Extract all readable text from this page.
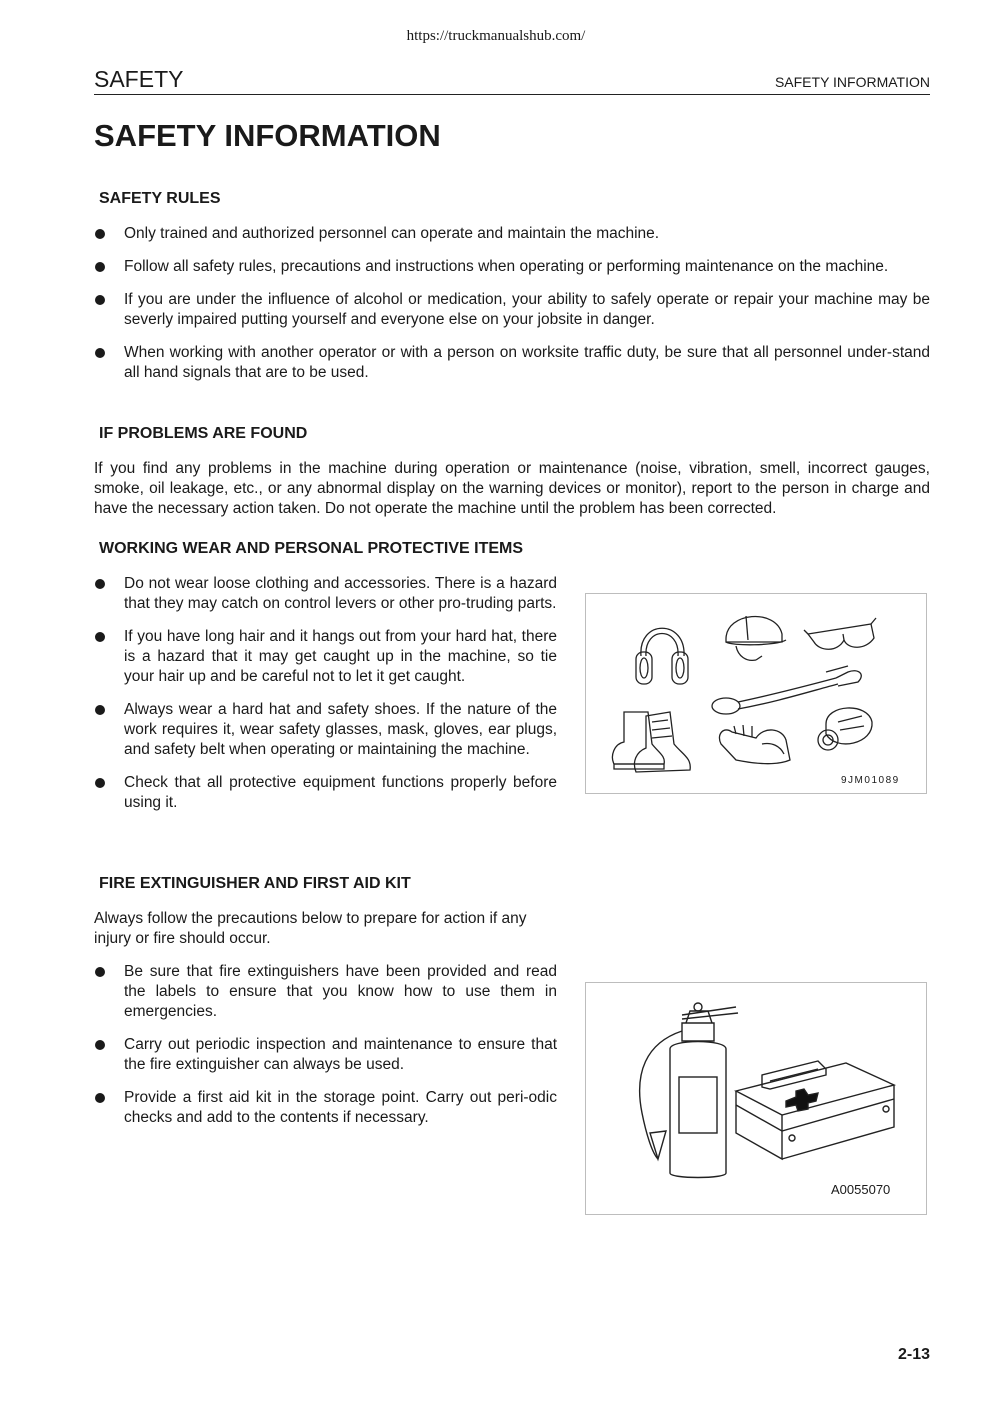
https://truckmanualshub.com/
SAFETY	SAFETY INFORMATION
SAFETY INFORMATION
SAFETY RULES
Only trained and authorized personnel can operate and maintain the machine.
Follow all safety rules, precautions and instructions when operating or performing maintenance on the machine.
If you are under the influence of alcohol or medication, your ability to safely operate or repair your machine may be severly impaired putting yourself and everyone else on your jobsite in danger.
When working with another operator or with a person on worksite traffic duty, be sure that all personnel under-stand all hand signals that are to be used.
IF PROBLEMS ARE FOUND
If you find any problems in the machine during operation or maintenance (noise, vibration, smell, incorrect gauges, smoke, oil leakage, etc., or any abnormal display on the warning devices or monitor), report to the person in charge and have the necessary action taken. Do not operate the machine until the problem has been corrected.
WORKING WEAR AND PERSONAL PROTECTIVE ITEMS
Do not wear loose clothing and accessories. There is a hazard that they may catch on control levers or other pro-truding parts.
If you have long hair and it hangs out from your hard hat, there is a hazard that it may get caught up in the machine, so tie your hair up and be careful not to let it get caught.
Always wear a hard hat and safety shoes. If the nature of the work requires it, wear safety glasses, mask, gloves, ear plugs, and safety belt when operating or maintaining the machine.
Check that all protective equipment functions properly before using it.
9JM01089
FIRE EXTINGUISHER AND FIRST AID KIT
Always follow the precautions below to prepare for action if any injury or fire should occur.
Be sure that fire extinguishers have been provided and read the labels to ensure that you know how to use them in emergencies.
Carry out periodic inspection and maintenance to ensure that the fire extinguisher can always be used.
Provide a first aid kit in the storage point. Carry out peri-odic checks and add to the contents if necessary.
A0055070
2-13
